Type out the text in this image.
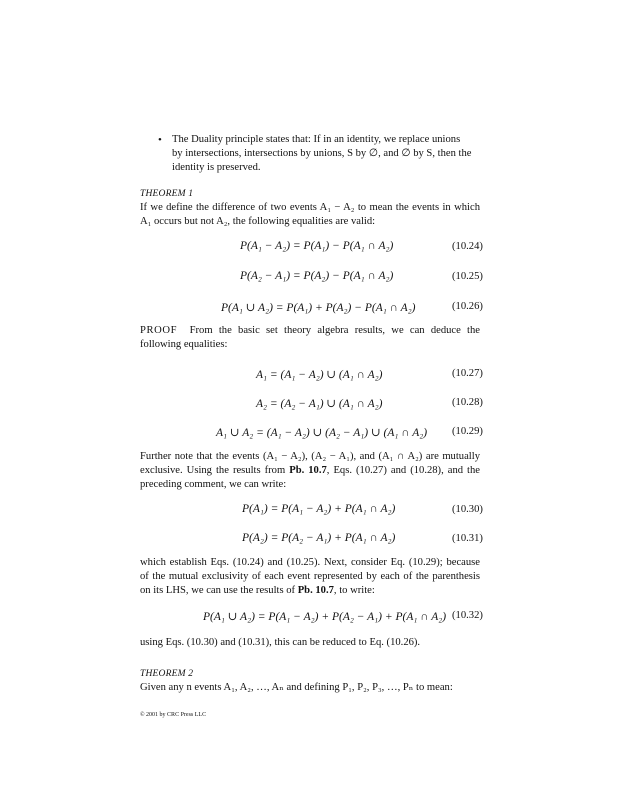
• The Duality principle states that: If in an identity, we replace unions by intersections, intersections by unions, S by ∅, and ∅ by S, then the identity is preserved.
THEOREM 1
If we define the difference of two events A₁ − A₂ to mean the events in which A₁ occurs but not A₂, the following equalities are valid:
P(A₁ − A₂) = P(A₁) − P(A₁ ∩ A₂)	(10.24)
P(A₂ − A₁) = P(A₂) − P(A₁ ∩ A₂)	(10.25)
P(A₁ ∪ A₂) = P(A₁) + P(A₂) − P(A₁ ∩ A₂)	(10.26)
PROOF From the basic set theory algebra results, we can deduce the following equalities:
A₁ = (A₁ − A₂) ∪ (A₁ ∩ A₂)	(10.27)
A₂ = (A₂ − A₁) ∪ (A₁ ∩ A₂)	(10.28)
A₁ ∪ A₂ = (A₁ − A₂) ∪ (A₂ − A₁) ∪ (A₁ ∩ A₂) (10.29)
Further note that the events (A₁ − A₂), (A₂ − A₁), and (A₁ ∩ A₂) are mutually exclusive. Using the results from Pb. 10.7, Eqs. (10.27) and (10.28), and the preceding comment, we can write:
P(A₁) = P(A₁ − A₂) + P(A₁ ∩ A₂)	(10.30)
P(A₂) = P(A₂ − A₁) + P(A₁ ∩ A₂)	(10.31)
which establish Eqs. (10.24) and (10.25). Next, consider Eq. (10.29); because of the mutual exclusivity of each event represented by each of the parenthesis on its LHS, we can use the results of Pb. 10.7, to write:
P(A₁ ∪ A₂) = P(A₁ − A₂) + P(A₂ − A₁) + P(A₁ ∩ A₂) (10.32)
using Eqs. (10.30) and (10.31), this can be reduced to Eq. (10.26).
THEOREM 2
Given any n events A₁, A₂, …, Aₙ and defining P₁, P₂, P₃, …, Pₙ to mean:
© 2001 by CRC Press LLC
